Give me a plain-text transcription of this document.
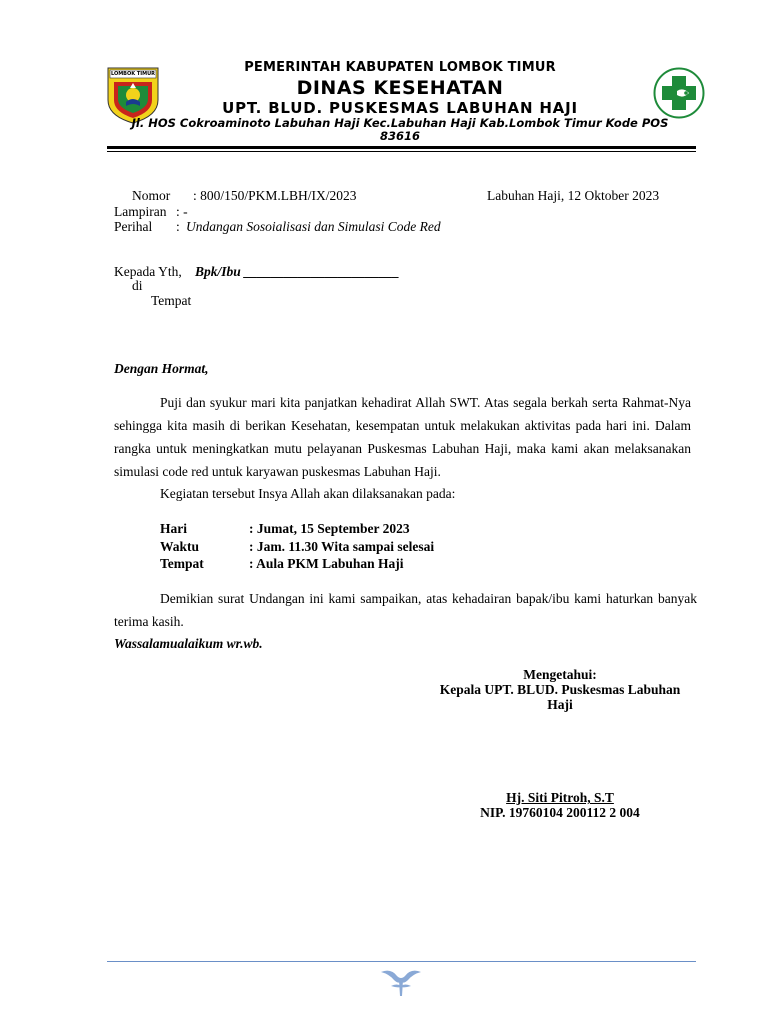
LOMBOK TIMUR	PEMERINTAH KABUPATEN LOMBOK TIMUR
DINAS KESEHATAN
UPT. BLUD. PUSKESMAS LABUHAN HAJI
Jl. HOS Cokroaminoto Labuhan Haji Kec.Labuhan Haji Kab.Lombok Timur Kode POS 83616
Nomor : 800/150/PKM.LBH/IX/2023	Labuhan Haji, 12 Oktober 2023
Lampiran : -
Perihal : Undangan Sosoialisasi dan Simulasi Code Red
Kepada Yth, Bpk/Ibu _______________________
di
Tempat
Dengan Hormat,
Puji dan syukur mari kita panjatkan kehadirat Allah SWT. Atas segala berkah serta Rahmat-Nya sehingga kita masih di berikan Kesehatan, kesempatan untuk melakukan aktivitas pada hari ini. Dalam rangka untuk meningkatkan mutu pelayanan Puskesmas Labuhan Haji, maka kami akan melaksanakan simulasi code red untuk karyawan puskesmas Labuhan Haji.
Kegiatan tersebut Insya Allah akan dilaksanakan pada:
Hari	: Jumat, 15 September 2023
Waktu	: Jam. 11.30 Wita sampai selesai
Tempat	: Aula PKM Labuhan Haji
Demikian surat Undangan ini kami sampaikan, atas kehadairan bapak/ibu kami haturkan banyak terima kasih.
Wassalamualaikum wr.wb.
Mengetahui:
Kepala UPT. BLUD. Puskesmas Labuhan
Haji
Hj. Siti Pitroh, S.T
NIP. 19760104 200112 2 004
